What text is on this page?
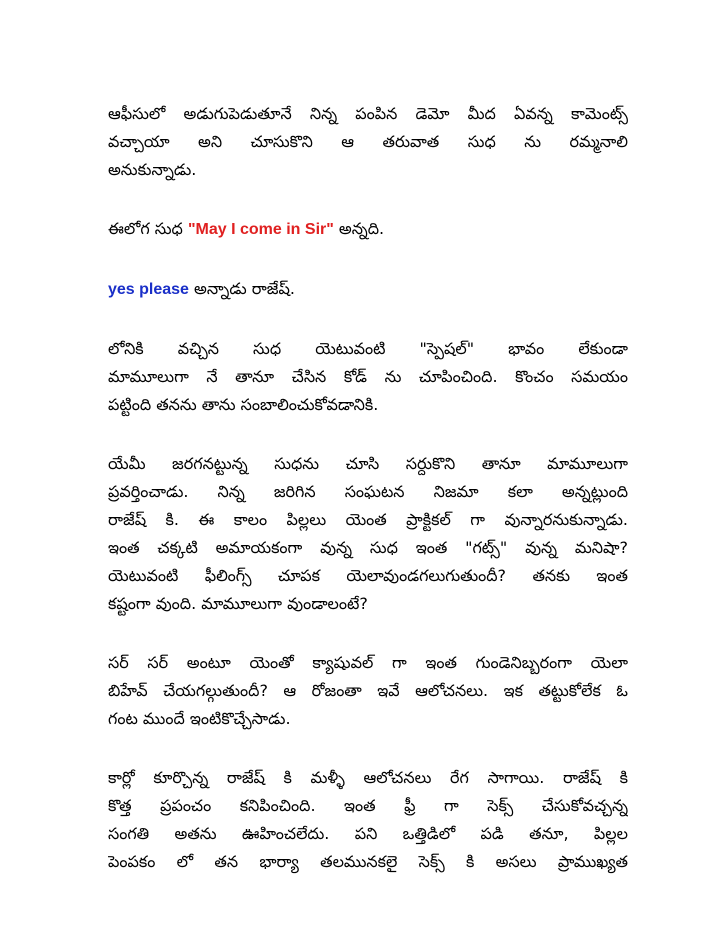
ఆఫీసులో అడుగుపెడుతూనే నిన్న పంపిన డెమో మీద ఏవన్న కామెంట్స్
వచ్చాయా అని చూసుకొని ఆ తరువాత సుధ ను రమ్మనాలి
అనుకున్నాడు.
ఈలోగ సుధ "May I come in Sir" అన్నది.
yes please అన్నాడు రాజేష్.
లోనికి వచ్చిన సుధ యెటువంటి "స్పెషల్" భావం లేకుండా
మామూలుగా నే తానూ చేసిన కోడ్ ను చూపించింది. కొంచం సమయం
పట్టింది తనను తాను సంబాలించుకోవడానికి.
యేమీ జరగనట్టున్న సుధను చూసి సర్దుకొని తానూ మామూలుగా
ప్రవర్తించాడు. నిన్న జరిగిన సంఘటన నిజమా కలా అన్నట్లుంది
రాజేష్ కి. ఈ కాలం పిల్లలు యెంత ప్రాక్టికల్ గా వున్నారనుకున్నాడు.
ఇంత చక్కటి అమాయకంగా వున్న సుధ ఇంత "గట్స్" వున్న మనిషా?
యెటువంటి ఫీలింగ్స్ చూపక యెలావుండగలుగుతుందీ? తనకు ఇంత
కష్టంగా వుంది. మామూలుగా వుండాలంటే?
సర్ సర్ అంటూ యెంతో క్యాషువల్ గా ఇంత గుండెనిబ్బరంగా యెలా
బిహేవ్ చేయగల్గుతుందీ? ఆ రోజంతా ఇవే ఆలోచనలు. ఇక తట్టుకోలేక ఓ
గంట ముందే ఇంటికొచ్చేసాడు.
కార్లో కూర్చొన్న రాజేష్ కి మళ్ళీ ఆలోచనలు రేగ సాగాయి. రాజేష్ కి
కొత్త ప్రపంచం కనిపించింది. ఇంత ఫ్రీ గా సెక్స్ చేసుకోవచ్చన్న
సంగతి అతను ఊహించలేదు. పని ఒత్తిడిలో పడి తనూ, పిల్లల
పెంపకం లో తన భార్యా తలమునకలై సెక్స్ కి అసలు ప్రాముఖ్యత
